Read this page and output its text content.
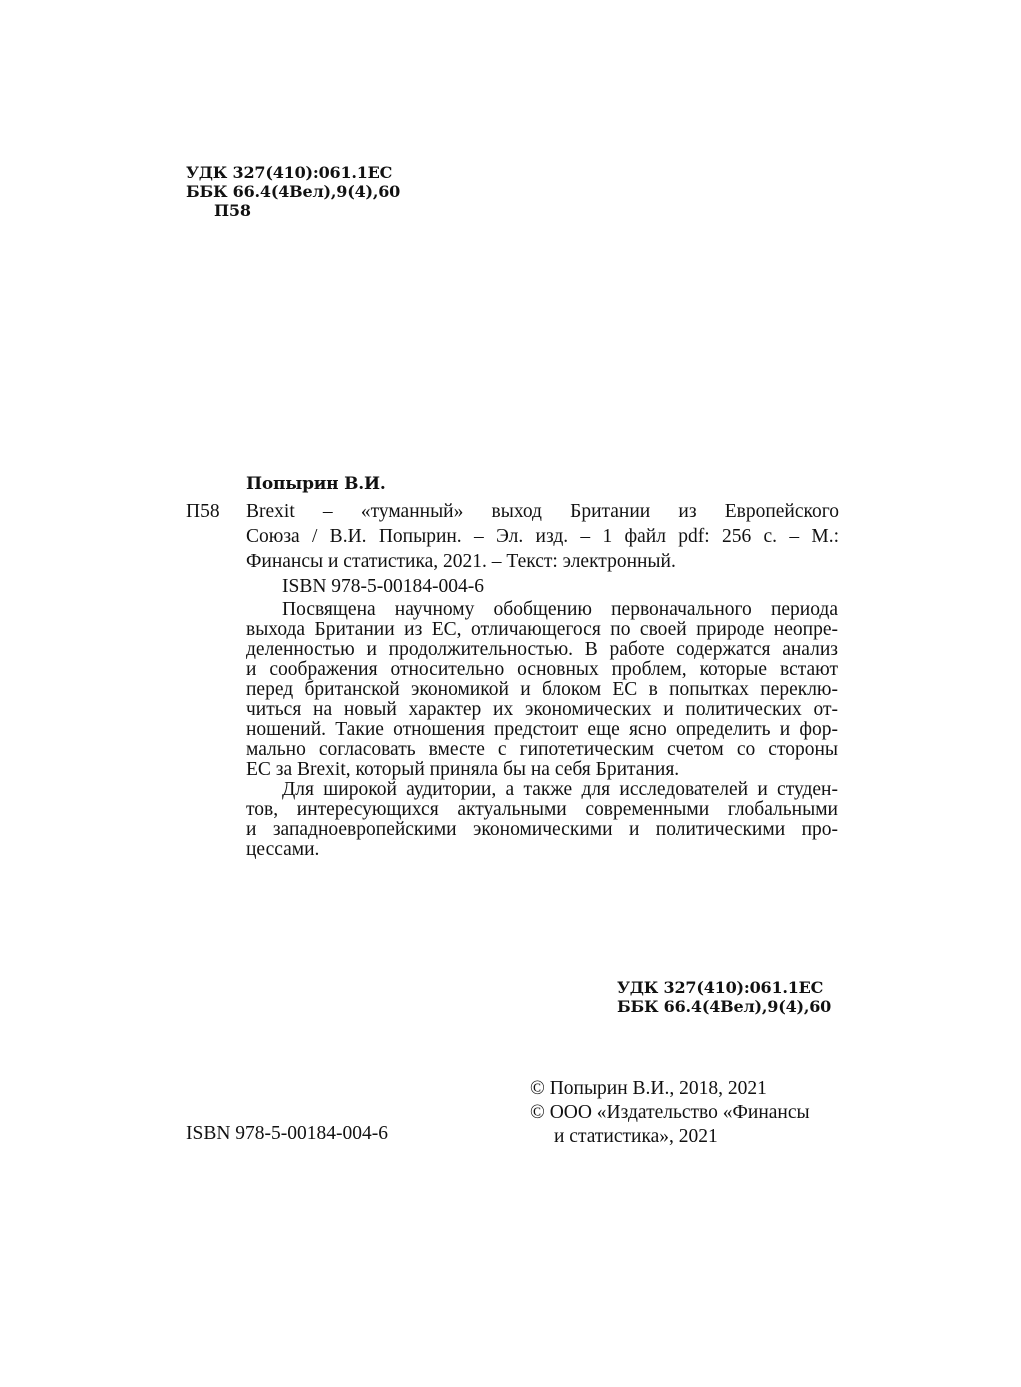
УДК 327(410):061.1ЕС
ББК 66.4(4Вел),9(4),60
П58
Попырин В.И.
П58 Brexit – «туманный» выход Британии из Европейского
Союза / В.И. Попырин. – Эл. изд. – 1 файл pdf: 256 с. – М.:
Финансы и статистика, 2021. – Текст: электронный.
ISBN 978-5-00184-004-6
Посвящена научному обобщению первоначального периода
выхода Британии из ЕС, отличающегося по своей природе неопре-
деленностью и продолжительностью. В работе содержатся анализ
и соображения относительно основных проблем, которые встают
перед британской экономикой и блоком ЕС в попытках переклю-
читься на новый характер их экономических и политических от-
ношений. Такие отношения предстоит еще ясно определить и фор-
мально согласовать вместе с гипотетическим счетом со стороны
ЕС за Brexit, который приняла бы на себя Британия.
Для широкой аудитории, а также для исследователей и студен-
тов, интересующихся актуальными современными глобальными
и западноевропейскими экономическими и политическими про-
цессами.
УДК 327(410):061.1ЕС
ББК 66.4(4Вел),9(4),60
ISBN 978-5-00184-004-6
© Попырин В.И., 2018, 2021
© ООО «Издательство «Финансы
и статистика», 2021
